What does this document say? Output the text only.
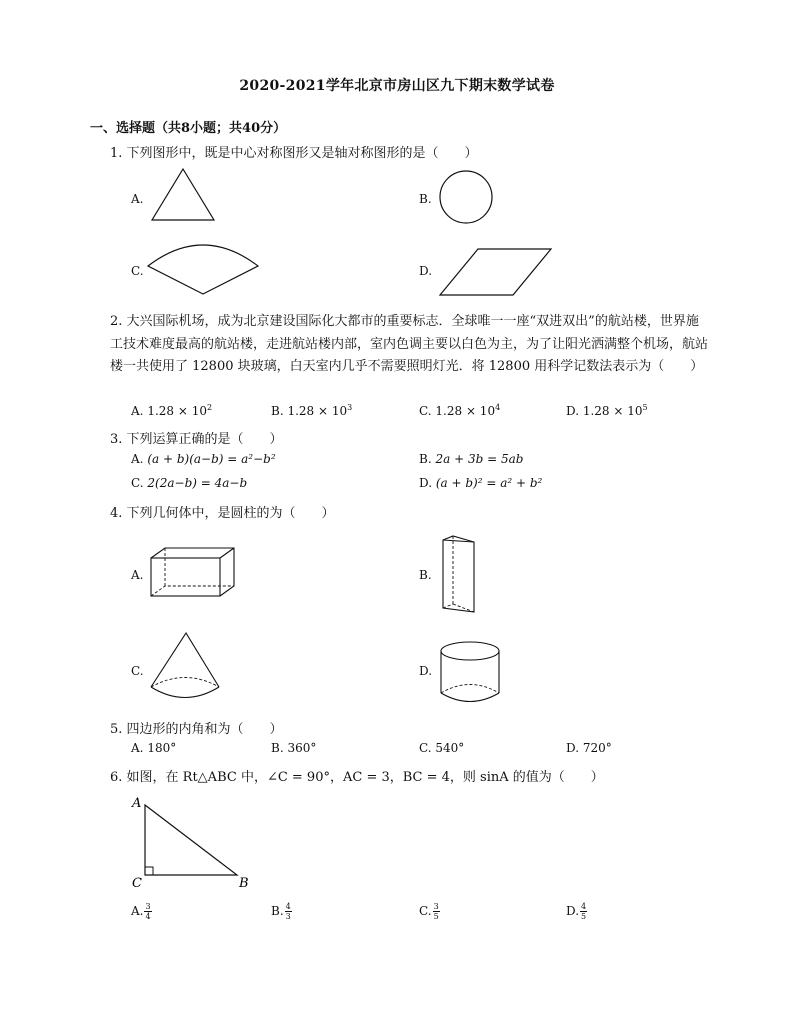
2020-2021学年北京市房山区九下期末数学试卷
一、选择题（共8小题；共40分）
1. 下列图形中，既是中心对称图形又是轴对称图形的是（　　）
A.	B.
C.	D.
2. 大兴国际机场，成为北京建设国际化大都市的重要标志．全球唯一一座“双进双出”的航站楼，世界施工技术难度最高的航站楼，走进航站楼内部，室内色调主要以白色为主，为了让阳光洒满整个机场，航站楼一共使用了 12800 块玻璃，白天室内几乎不需要照明灯光．将 12800 用科学记数法表示为（　　）
A. $1.28 \times 10^2$	B. $1.28 \times 10^3$	C. $1.28 \times 10^4$	D. $1.28 \times 10^5$
3. 下列运算正确的是（　　）
A. (a + b)(a−b) = a²−b²	B. 2a + 3b = 5ab
C. 2(2a−b) = 4a−b	D. (a + b)² = a² + b²
4. 下列几何体中，是圆柱的为（　　）
A.	B.
C.	D.
5. 四边形的内角和为（　　）
A. 180°	B. 360°	C. 540°	D. 720°
6. 如图，在 Rt△ABC 中，∠C = 90°，AC = 3，BC = 4，则 sinA 的值为（　　）
A
C	B
A. $\frac{3}{4}$	B. $\frac{4}{3}$	C. $\frac{3}{5}$	D. $\frac{4}{5}$
